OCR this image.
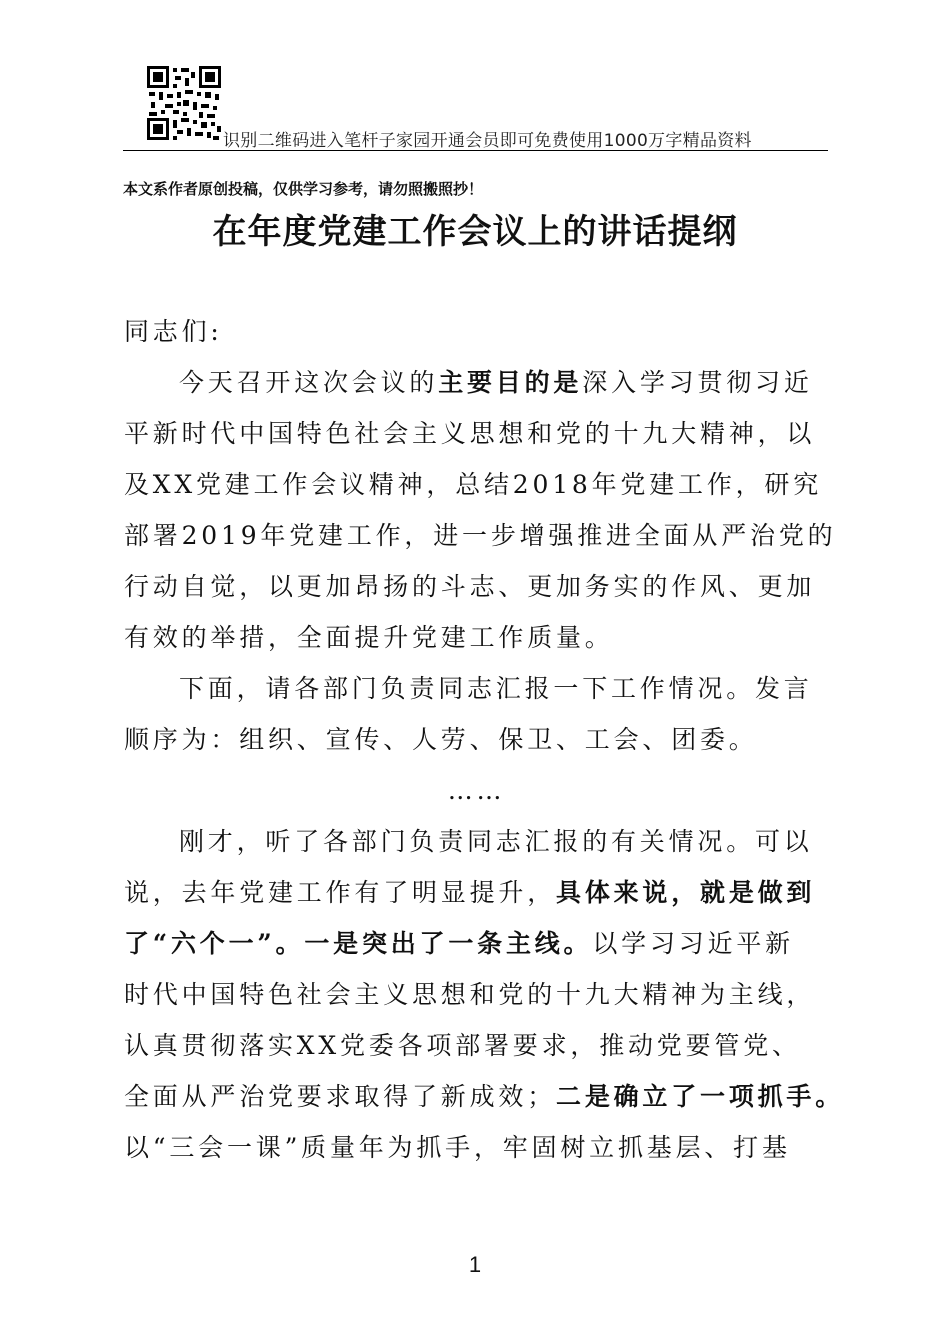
识别二维码进入笔杆子家园开通会员即可免费使用1000万字精品资料
本文系作者原创投稿，仅供学习参考，请勿照搬照抄！
在年度党建工作会议上的讲话提纲
同志们:
今天召开这次会议的主要目的是深入学习贯彻习近
平新时代中国特色社会主义思想和党的十九大精神，以
及XX党建工作会议精神，总结2018年党建工作，研究
部署2019年党建工作，进一步增强推进全面从严治党的
行动自觉，以更加昂扬的斗志、更加务实的作风、更加
有效的举措，全面提升党建工作质量。
下面，请各部门负责同志汇报一下工作情况。发言
顺序为：组织、宣传、人劳、保卫、工会、团委。
……
刚才，听了各部门负责同志汇报的有关情况。可以
说，去年党建工作有了明显提升，具体来说，就是做到
了“六个一”。一是突出了一条主线。以学习习近平新
时代中国特色社会主义思想和党的十九大精神为主线，
认真贯彻落实XX党委各项部署要求，推动党要管党、
全面从严治党要求取得了新成效；二是确立了一项抓手。
以“三会一课”质量年为抓手，牢固树立抓基层、打基
1
